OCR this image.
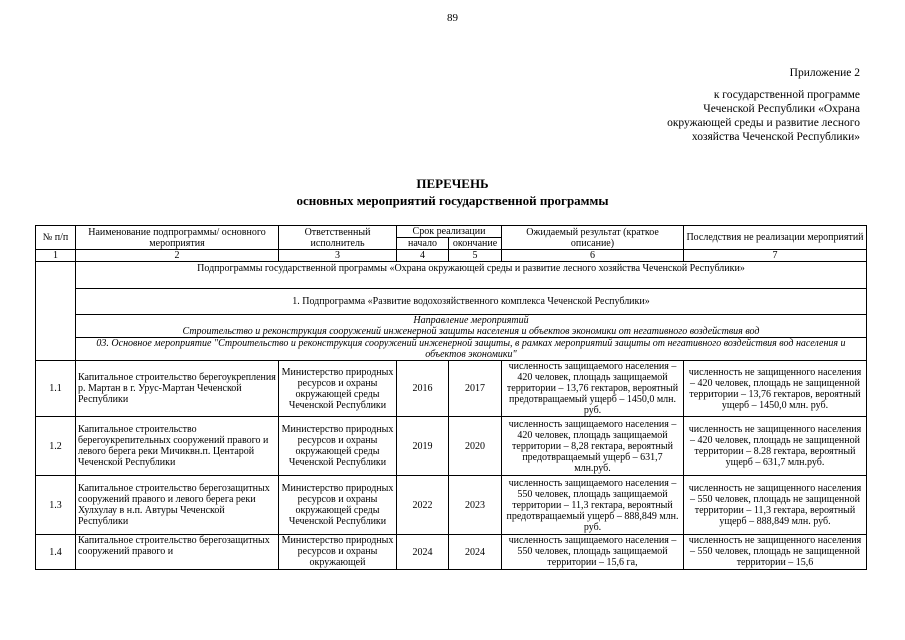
89
Приложение 2
к государственной программе
Чеченской Республики «Охрана
окружающей среды и развитие лесного
хозяйства Чеченской Республики»
ПЕРЕЧЕНЬ
основных мероприятий государственной программы
№ п/п	Наименование подпрограммы/ основного мероприятия	Ответственный исполнитель	Срок реализации		Ожидаемый результат (краткое описание)	Последствия не реализации мероприятий
			начало	окончание		
1	2	3	4	5	6	7
	Подпрограммы государственной программы «Охрана окружающей среды и развитие лесного хозяйства Чеченской Республики»					
	1. Подпрограмма «Развитие водохозяйственного комплекса Чеченской Республики»					

	Направление мероприятий
Строительство и реконструкция сооружений инженерной защиты населения и объектов экономики от негативного воздействия вод					

	03. Основное мероприятие "Строительство и реконструкция сооружений инженерной защиты, в рамках мероприятий защиты от негативного воздействия вод населения и объектов экономики"					
1.1	Капитальное строительство берегоукрепления р. Мартан в г. Урус-Мартан Чеченской Республики	Министерство природных ресурсов и охраны окружающей среды Чеченской Республики	2016	2017	численность защищаемого населения – 420 человек, площадь защищаемой территории – 13,76 гектаров, вероятный предотвращаемый ущерб – 1450,0 млн. руб.	численность не защищенного населения – 420 человек, площадь не защищенной территории – 13,76 гектаров, вероятный ущерб – 1450,0 млн. руб.
1.2	Капитальное строительство берегоукрепительных сооружений правого и левого берега реки Мичиквн.п. Центарой Чеченской Республики	Министерство природных ресурсов и охраны окружающей среды Чеченской Республики	2019	2020	численность защищаемого населения – 420 человек, площадь защищаемой территории – 8,28 гектара, вероятный предотвращаемый ущерб – 631,7 млн.руб.	численность не защищенного населения – 420 человек, площадь не защищенной территории – 8.28 гектара, вероятный ущерб – 631,7 млн.руб.
1.3	Капитальное строительство берегозащитных сооружений правого и левого берега реки Хулхулау в н.п. Автуры Чеченской Республики	Министерство природных ресурсов и охраны окружающей среды Чеченской Республики	2022	2023	численность защищаемого населения – 550 человек, площадь защищаемой территории – 11,3 гектара, вероятный предотвращаемый ущерб – 888,849 млн. руб.	численность не защищенного населения – 550 человек, площадь не защищенной территории – 11,3 гектара, вероятный ущерб – 888,849 млн. руб.
1.4	Капитальное строительство берегозащитных сооружений правого и	Министерство природных ресурсов и охраны окружающей	2024	2024	численность защищаемого населения – 550 человек, площадь защищаемой территории – 15,6 га,	численность не защищенного населения – 550 человек, площадь не защищенной территории – 15,6
